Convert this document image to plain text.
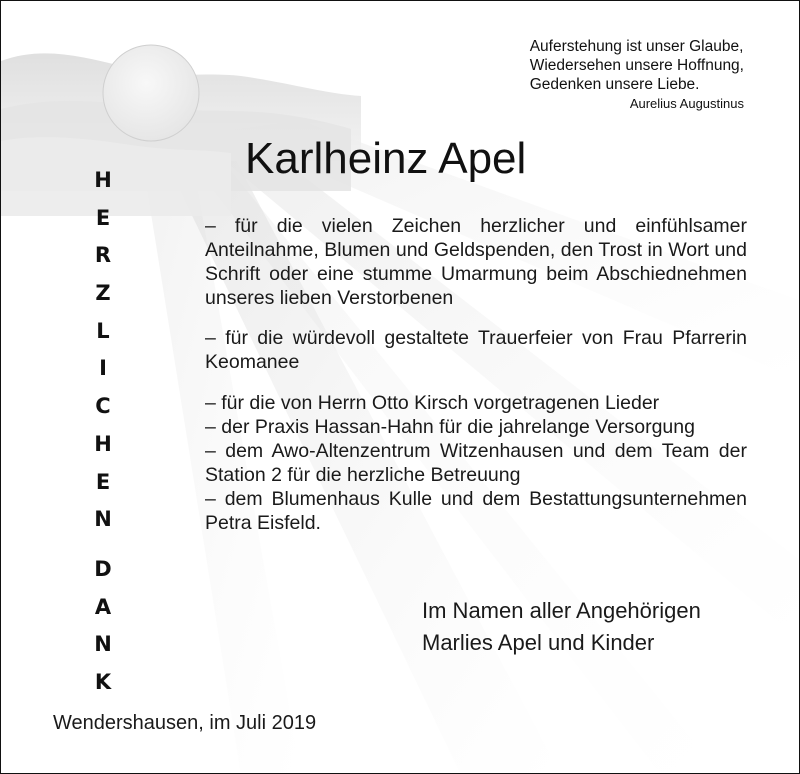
Auferstehung ist unser Glaube,
Wiedersehen unsere Hoffnung,
Gedenken unsere Liebe.
Aurelius Augustinus
Karlheinz Apel
H
E
R
Z
L
I
C
H
E
N
D
A
N
K
– für die vielen Zeichen herzlicher und einfühlsamer Anteilnahme, Blumen und Geldspenden, den Trost in Wort und Schrift oder eine stumme Umarmung beim Abschiednehmen unseres lieben Verstorbenen
– für die würdevoll gestaltete Trauerfeier von Frau Pfarrerin Keomanee
– für die von Herrn Otto Kirsch vorgetragenen Lieder
– der Praxis Hassan-Hahn für die jahrelange Versorgung
– dem Awo-Altenzentrum Witzenhausen und dem Team der Station 2 für die herzliche Betreuung
– dem Blumenhaus Kulle und dem Bestattungsunternehmen Petra Eisfeld.
Im Namen aller Angehörigen
Marlies Apel und Kinder
Wendershausen, im Juli 2019
